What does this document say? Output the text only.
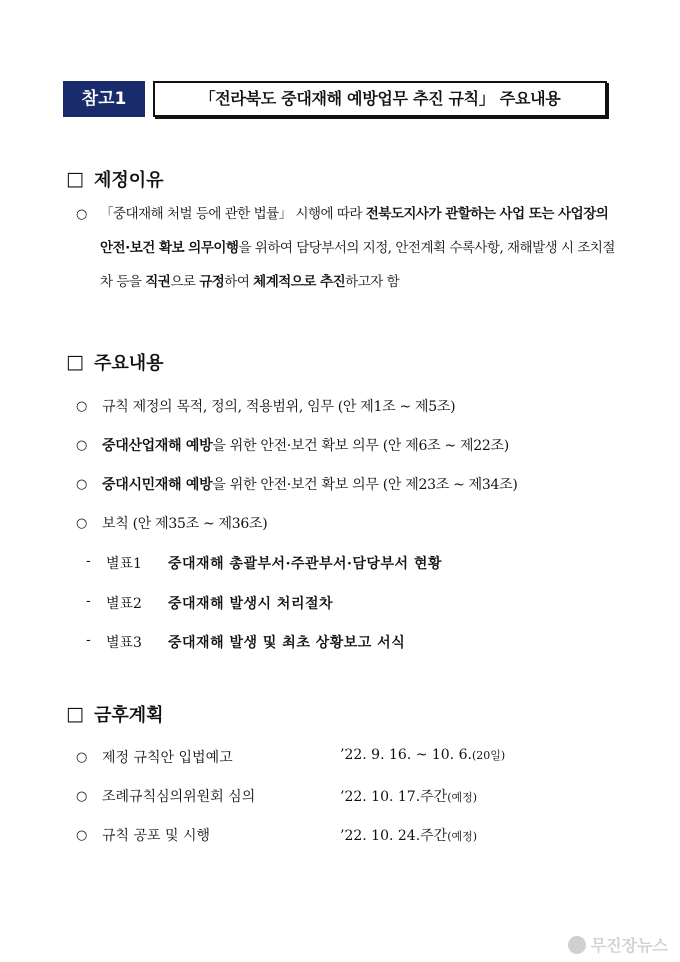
참고1	「전라북도 중대재해 예방업무 추진 규칙」 주요내용
□ 제정이유
○ 「중대재해 처벌 등에 관한 법률」 시행에 따라 전북도지사가 관할하는 사업 또는 사업장의 안전·보건 확보 의무이행을 위하여 담당부서의 지정, 안전계획 수록사항, 재해발생 시 조치절차 등을 직권으로 규정하여 체계적으로 추진하고자 함
□ 주요내용
○ 규칙 제정의 목적, 정의, 적용범위, 임무 (안 제1조 ~ 제5조)
○ 중대산업재해 예방을 위한 안전·보건 확보 의무 (안 제6조 ~ 제22조)
○ 중대시민재해 예방을 위한 안전·보건 확보 의무 (안 제23조 ~ 제34조)
○ 보칙 (안 제35조 ~ 제36조)
-	별표1	중대재해 총괄부서·주관부서·담당부서 현황
-	별표2	중대재해 발생시 처리절차
-	별표3	중대재해 발생 및 최초 상황보고 서식
□ 금후계획
○ 제정 규칙안 입법예고	’22. 9. 16. ~ 10. 6.(20일)
○ 조례규칙심의위원회 심의	’22. 10. 17.주간(예정)
○ 규칙 공포 및 시행	’22. 10. 24.주간(예정)
무진장뉴스
